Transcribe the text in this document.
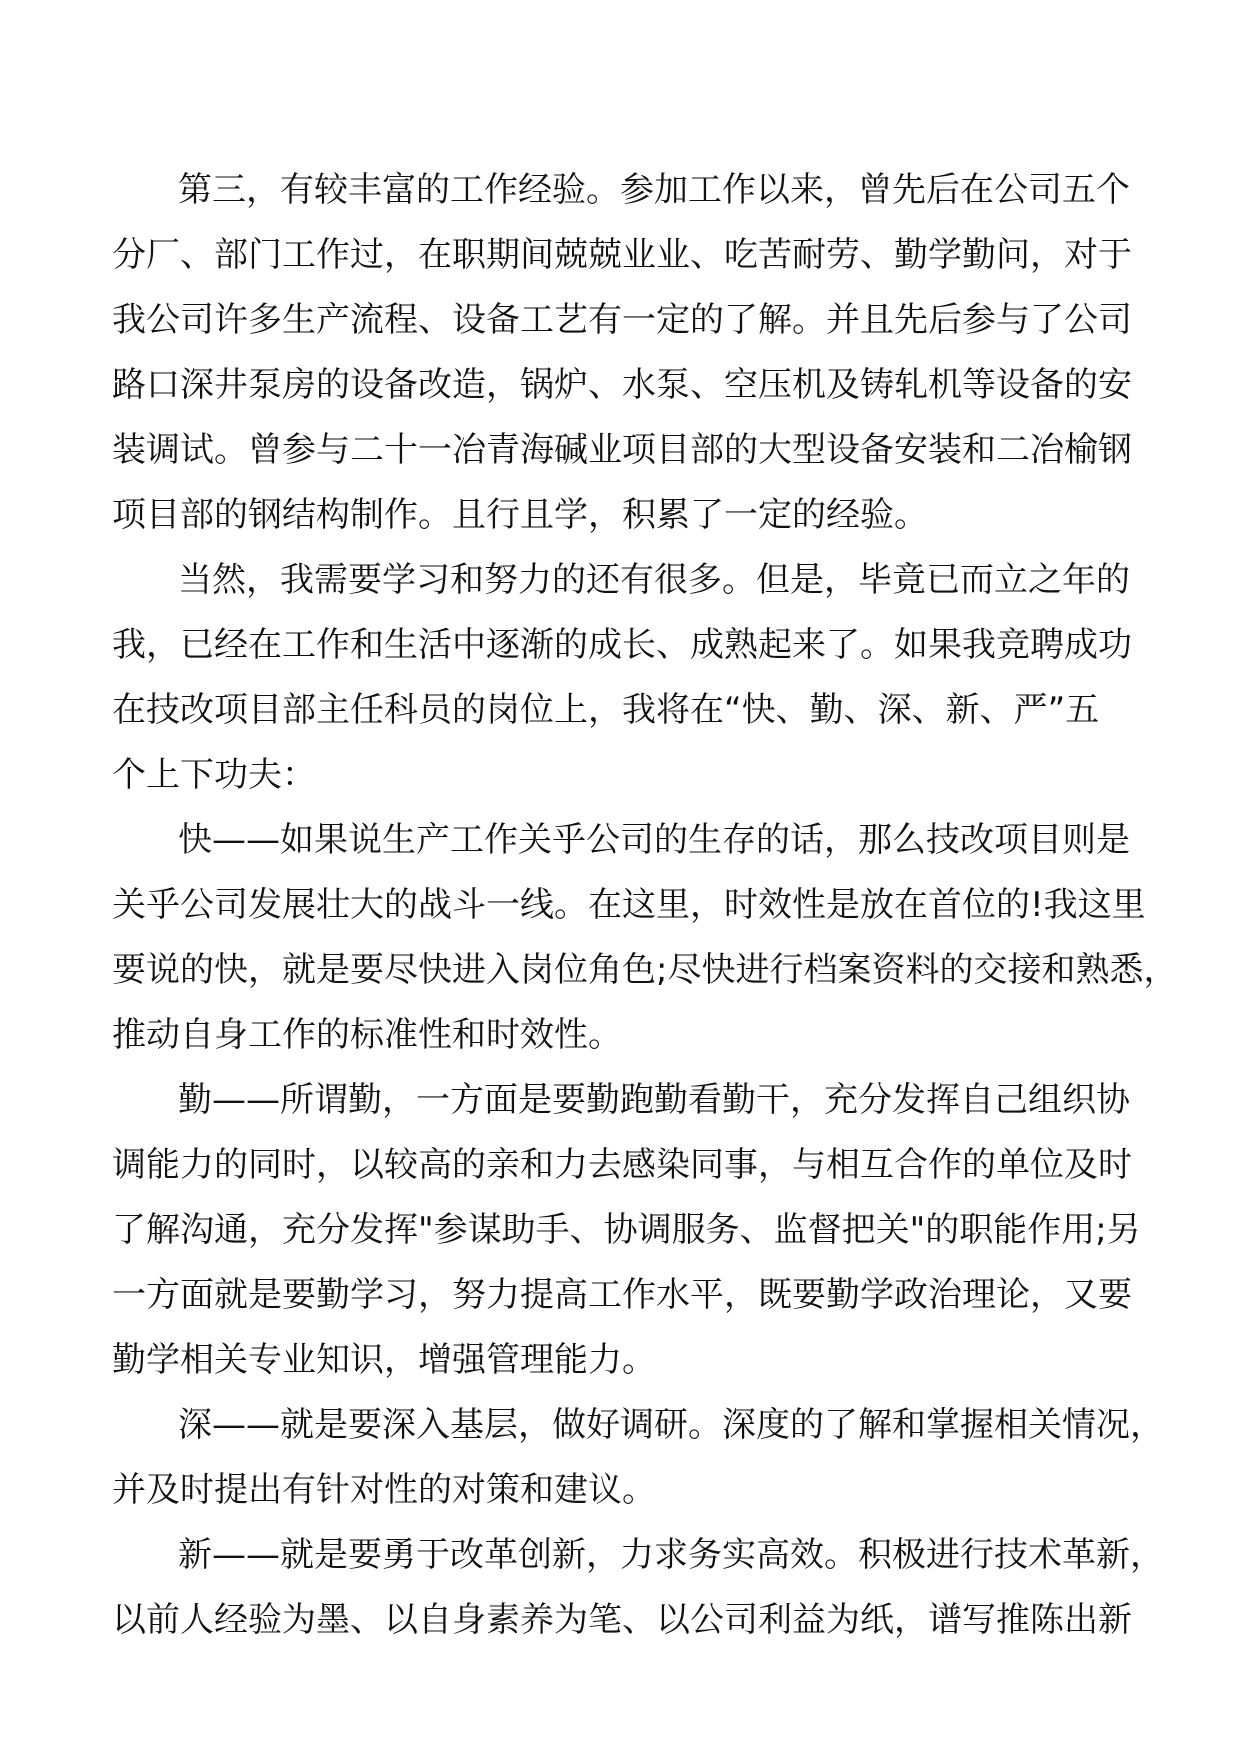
第三，有较丰富的工作经验。参加工作以来，曾先后在公司五个
分厂、部门工作过，在职期间兢兢业业、吃苦耐劳、勤学勤问，对于
我公司许多生产流程、设备工艺有一定的了解。并且先后参与了公司
路口深井泵房的设备改造，锅炉、水泵、空压机及铸轧机等设备的安
装调试。曾参与二十一冶青海碱业项目部的大型设备安装和二冶榆钢
项目部的钢结构制作。且行且学，积累了一定的经验。
当然，我需要学习和努力的还有很多。但是，毕竟已而立之年的
我，已经在工作和生活中逐渐的成长、成熟起来了。如果我竞聘成功
在技改项目部主任科员的岗位上，我将在“快、勤、深、新、严”五
个上下功夫：
快——如果说生产工作关乎公司的生存的话，那么技改项目则是
关乎公司发展壮大的战斗一线。在这里，时效性是放在首位的!我这里
要说的快，就是要尽快进入岗位角色;尽快进行档案资料的交接和熟悉，
推动自身工作的标准性和时效性。
勤——所谓勤，一方面是要勤跑勤看勤干，充分发挥自己组织协
调能力的同时，以较高的亲和力去感染同事，与相互合作的单位及时
了解沟通，充分发挥"参谋助手、协调服务、监督把关"的职能作用;另
一方面就是要勤学习，努力提高工作水平，既要勤学政治理论，又要
勤学相关专业知识，增强管理能力。
深——就是要深入基层，做好调研。深度的了解和掌握相关情况，
并及时提出有针对性的对策和建议。
新——就是要勇于改革创新，力求务实高效。积极进行技术革新，
以前人经验为墨、以自身素养为笔、以公司利益为纸，谱写推陈出新
